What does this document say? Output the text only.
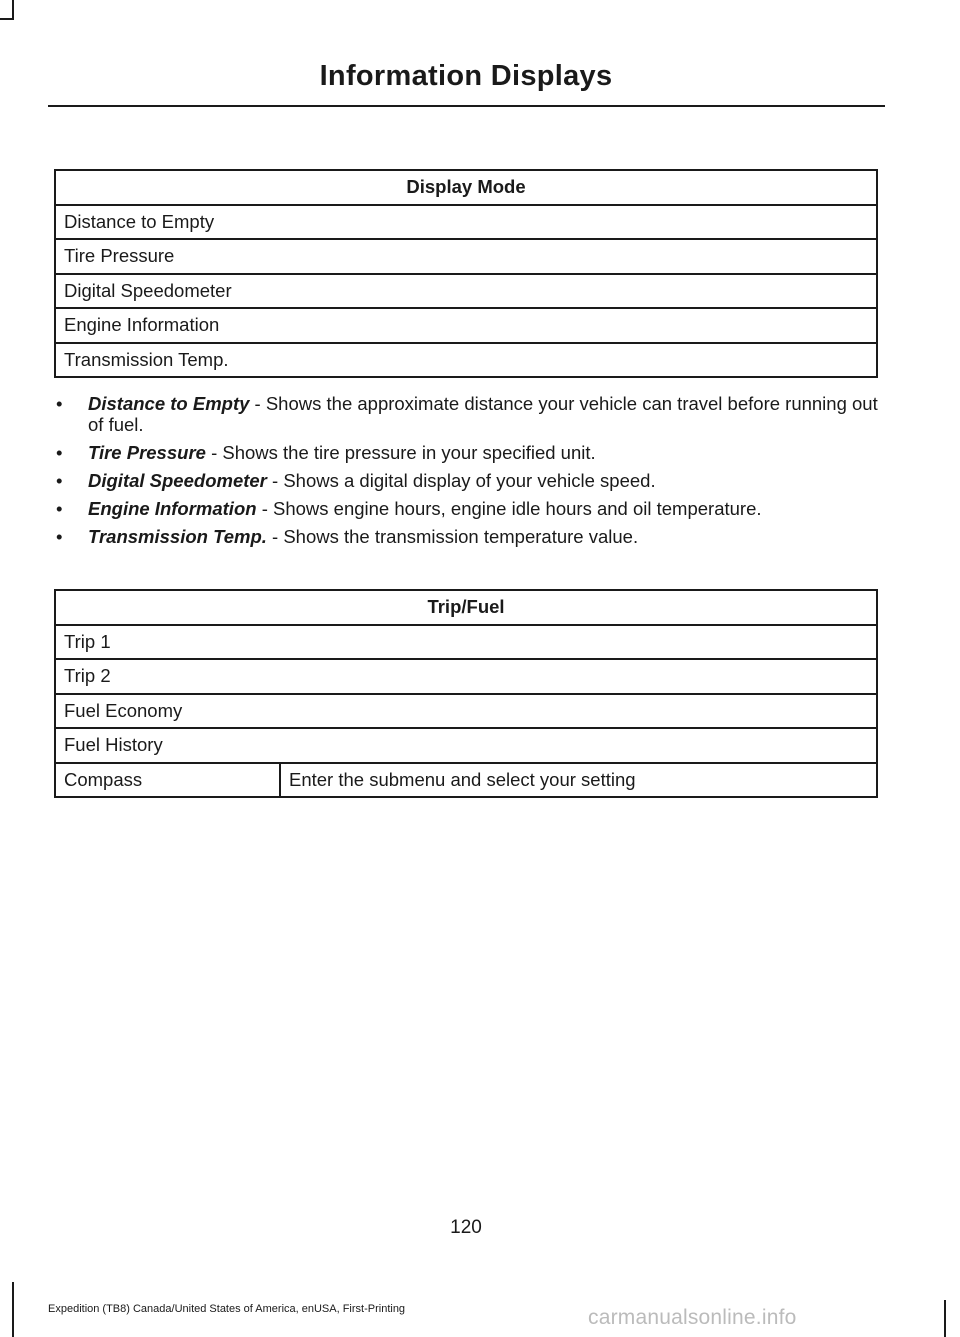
Information Displays
Display Mode
Distance to Empty
Tire Pressure
Digital Speedometer
Engine Information
Transmission Temp.
• Distance to Empty - Shows the approximate distance your vehicle can travel before running out of fuel.
• Tire Pressure - Shows the tire pressure in your specified unit.
• Digital Speedometer - Shows a digital display of your vehicle speed.
• Engine Information - Shows engine hours, engine idle hours and oil temperature.
• Transmission Temp. - Shows the transmission temperature value.
Trip/Fuel
Trip 1
Trip 2
Fuel Economy
Fuel History
Compass	Enter the submenu and select your setting
120
Expedition (TB8) Canada/United States of America, enUSA, First-Printing	carmanualsonline.info
